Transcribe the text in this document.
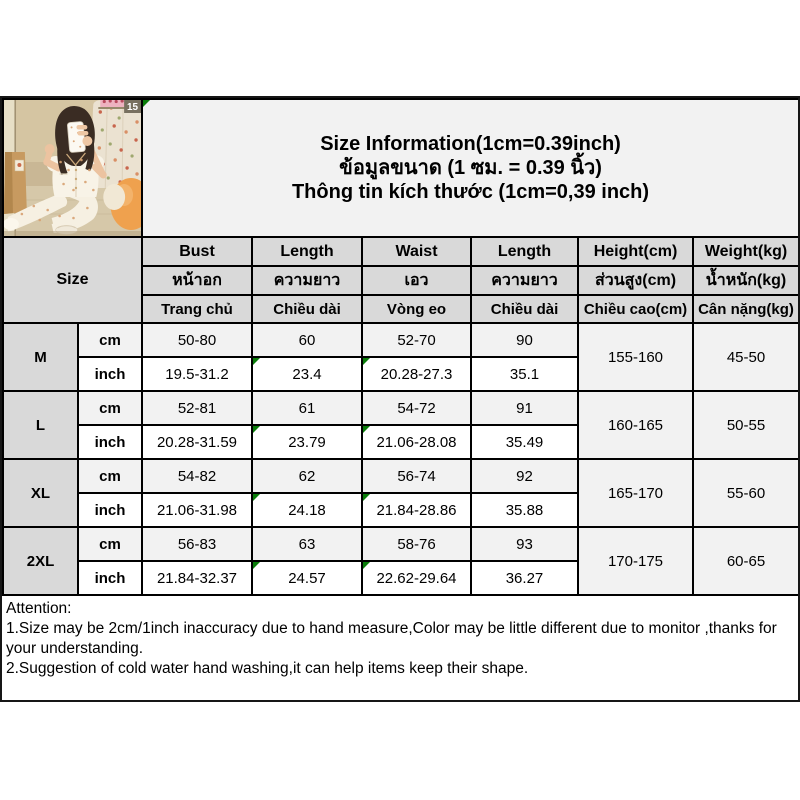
15		Size Information(1cm=0.39inch)
ข้อมูลขนาด (1 ซม. = 0.39 นิ้ว)
Thông tin kích thước (1cm=0,39 inch)					

Size		Bust	Length	Waist	Length	Height(cm)	Weight(kg)
		หน้าอก	ความยาว	เอว	ความยาว	ส่วนสูง(cm)	น้ำหนัก(kg)
		Trang chủ	Chiều dài	Vòng eo	Chiều dài	Chiều cao(cm)	Cân nặng(kg)
M	cm	50-80	60	52-70	90	155-160	45-50
	inch	19.5-31.2	23.4	20.28-27.3	35.1		
L	cm	52-81	61	54-72	91	160-165	50-55
	inch	20.28-31.59	23.79	21.06-28.08	35.49		
XL	cm	54-82	62	56-74	92	165-170	55-60
	inch	21.06-31.98	24.18	21.84-28.86	35.88		
2XL	cm	56-83	63	58-76	93	170-175	60-65
	inch	21.84-32.37	24.57	22.62-29.64	36.27		

Attention:

1.Size may be 2cm/1inch inaccuracy due to hand measure,Color may be little different due to monitor ,thanks for your understanding.

2.Suggestion of cold water hand washing,it can help items keep their shape.
